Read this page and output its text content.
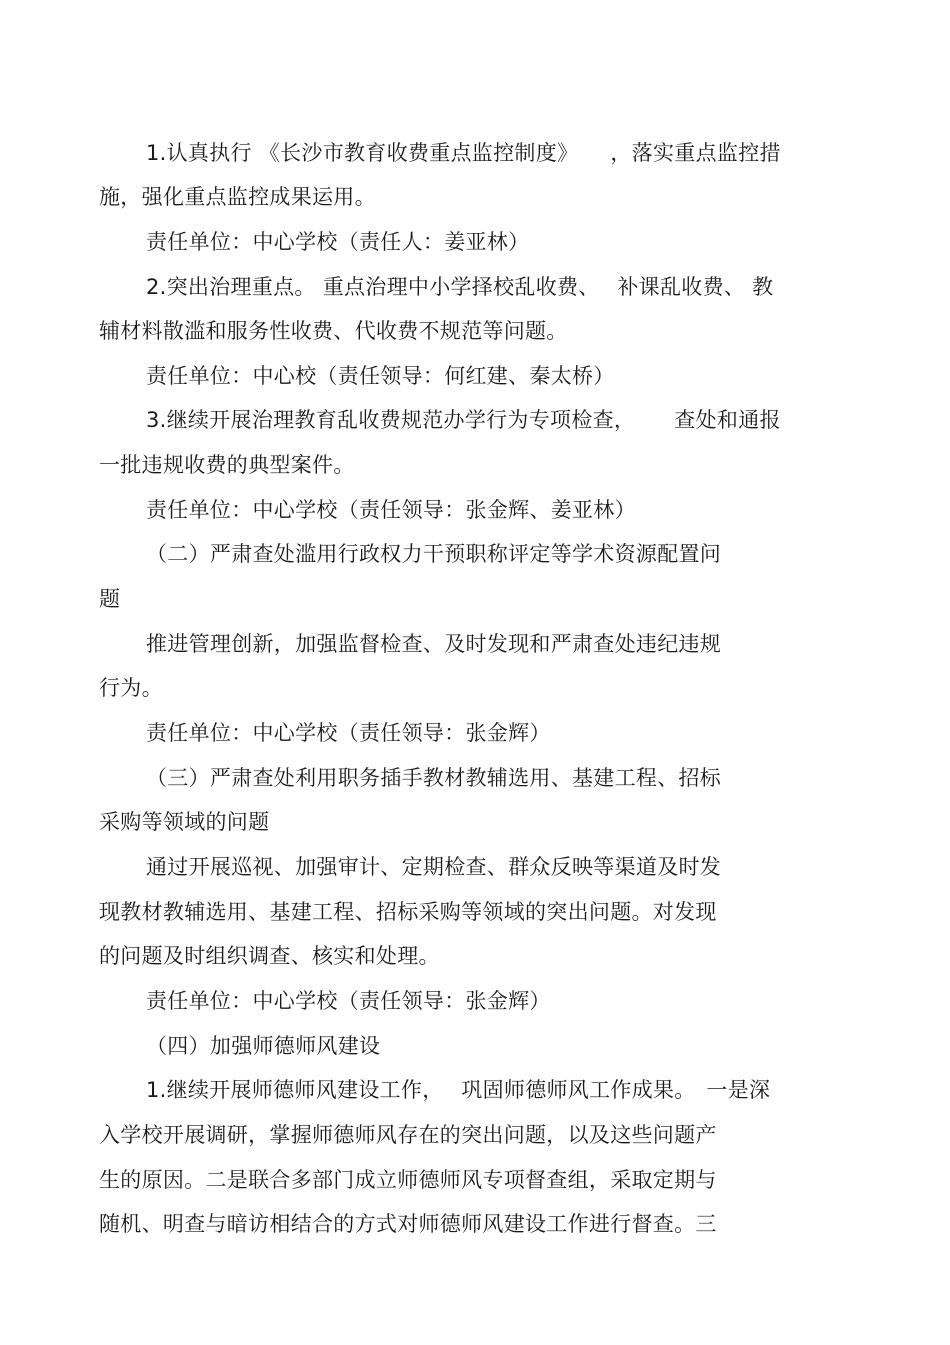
1.认真执行 《长沙市教育收费重点监控制度》　　，落实重点监控措
施，强化重点监控成果运用。
责任单位：中心学校（责任人：姜亚林）
2.突出治理重点。 重点治理中小学择校乱收费、　 补课乱收费、 教
辅材料散滥和服务性收费、代收费不规范等问题。
责任单位：中心校（责任领导：何红建、秦太桥）
3.继续开展治理教育乱收费规范办学行为专项检查，　　 查处和通报
一批违规收费的典型案件。
责任单位：中心学校（责任领导：张金辉、姜亚林）
（二）严肃查处滥用行政权力干预职称评定等学术资源配置问
题
推进管理创新，加强监督检查、及时发现和严肃查处违纪违规
行为。
责任单位：中心学校（责任领导：张金辉）
（三）严肃查处利用职务插手教材教辅选用、基建工程、招标
采购等领域的问题
通过开展巡视、加强审计、定期检查、群众反映等渠道及时发
现教材教辅选用、基建工程、招标采购等领域的突出问题。对发现
的问题及时组织调查、核实和处理。
责任单位：中心学校（责任领导：张金辉）
（四）加强师德师风建设
1.继续开展师德师风建设工作，　 巩固师德师风工作成果。　一是深
入学校开展调研，掌握师德师风存在的突出问题，以及这些问题产
生的原因。二是联合多部门成立师德师风专项督查组，采取定期与
随机、明查与暗访相结合的方式对师德师风建设工作进行督查。三
